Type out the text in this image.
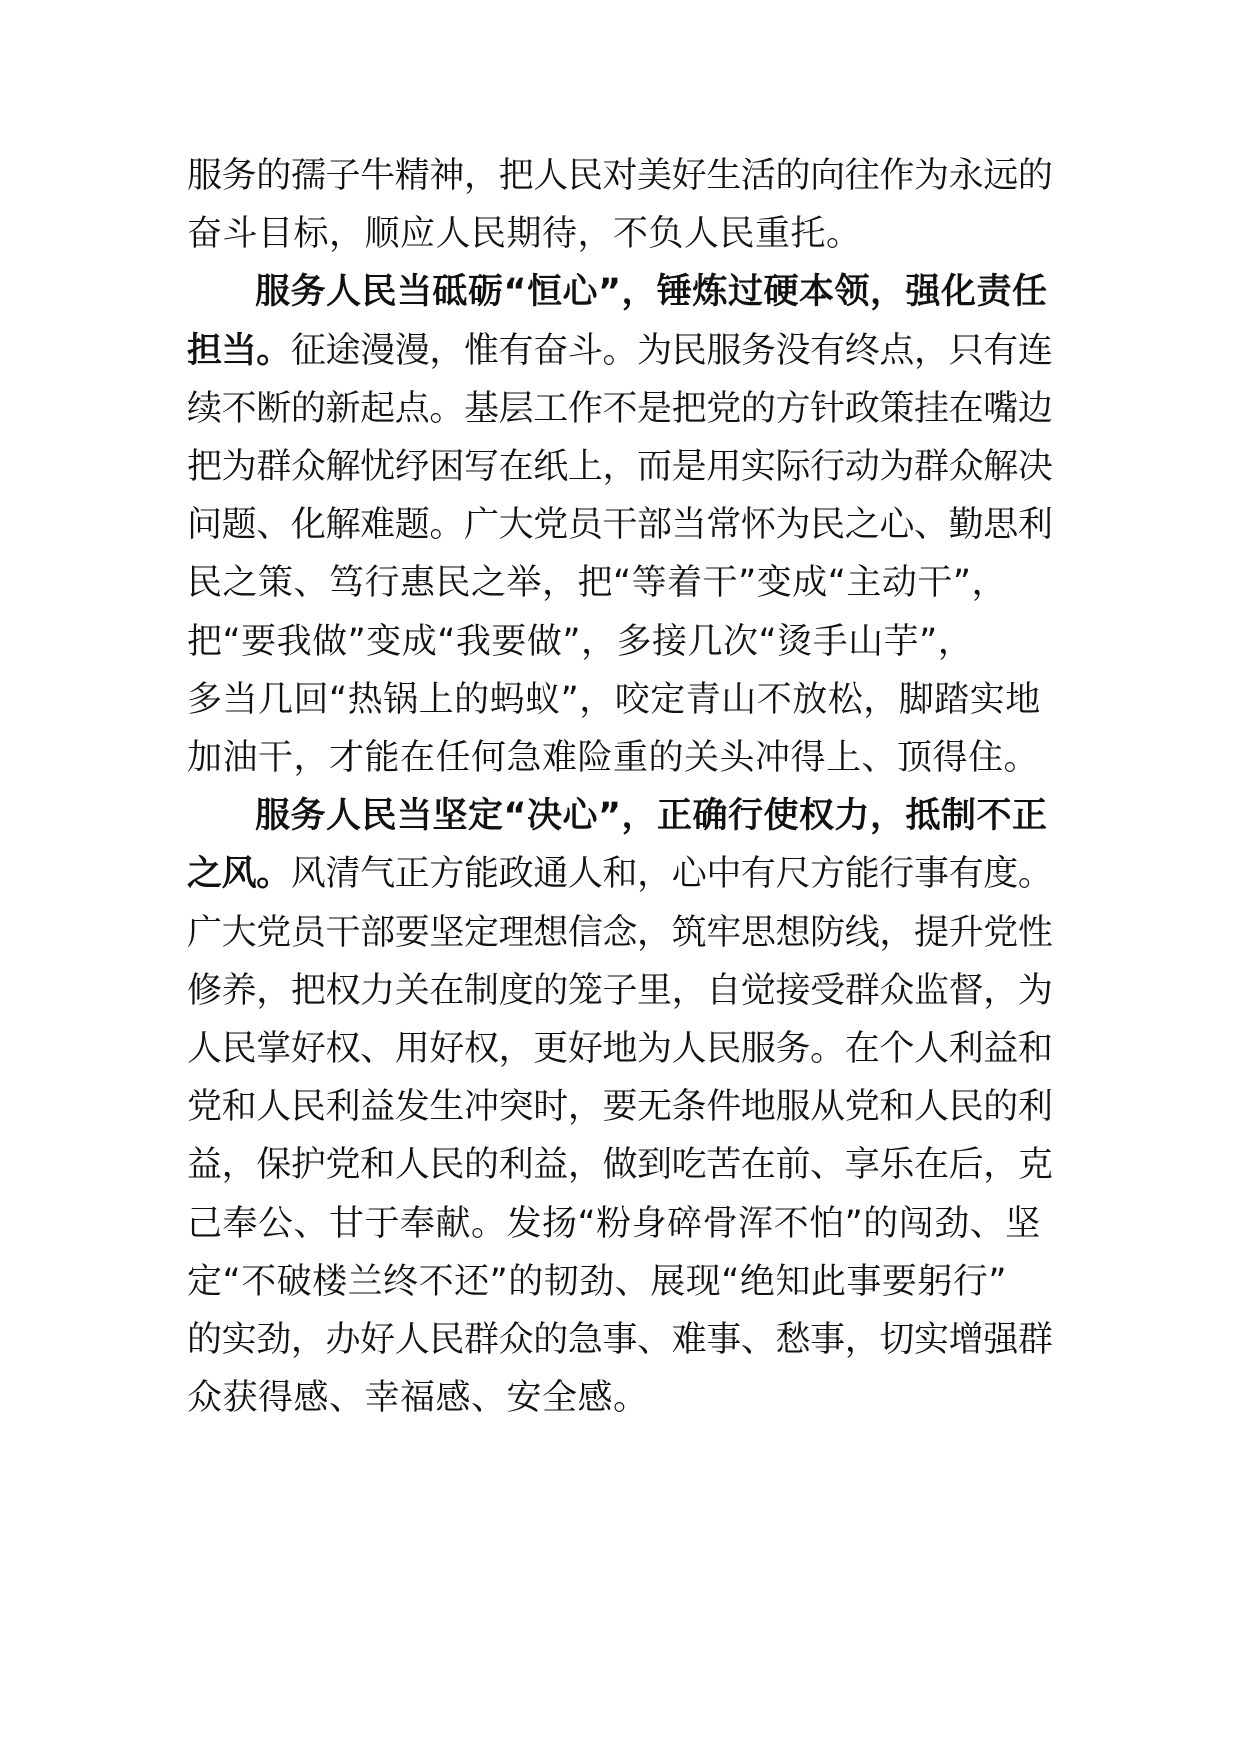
服务的孺子牛精神，把人民对美好生活的向往作为永远的
奋斗目标，顺应人民期待，不负人民重托。
服务人民当砥砺“恒心”，锤炼过硬本领，强化责任
担当。征途漫漫，惟有奋斗。为民服务没有终点，只有连
续不断的新起点。基层工作不是把党的方针政策挂在嘴边
把为群众解忧纾困写在纸上，而是用实际行动为群众解决
问题、化解难题。广大党员干部当常怀为民之心、勤思利
民之策、笃行惠民之举，把“等着干”变成“主动干”，
把“要我做”变成“我要做”，多接几次“烫手山芋”，
多当几回“热锅上的蚂蚁”，咬定青山不放松，脚踏实地
加油干，才能在任何急难险重的关头冲得上、顶得住。
服务人民当坚定“决心”，正确行使权力，抵制不正
之风。风清气正方能政通人和，心中有尺方能行事有度。
广大党员干部要坚定理想信念，筑牢思想防线，提升党性
修养，把权力关在制度的笼子里，自觉接受群众监督，为
人民掌好权、用好权，更好地为人民服务。在个人利益和
党和人民利益发生冲突时，要无条件地服从党和人民的利
益，保护党和人民的利益，做到吃苦在前、享乐在后，克
己奉公、甘于奉献。发扬“粉身碎骨浑不怕”的闯劲、坚
定“不破楼兰终不还”的韧劲、展现“绝知此事要躬行”
的实劲，办好人民群众的急事、难事、愁事，切实增强群
众获得感、幸福感、安全感。
